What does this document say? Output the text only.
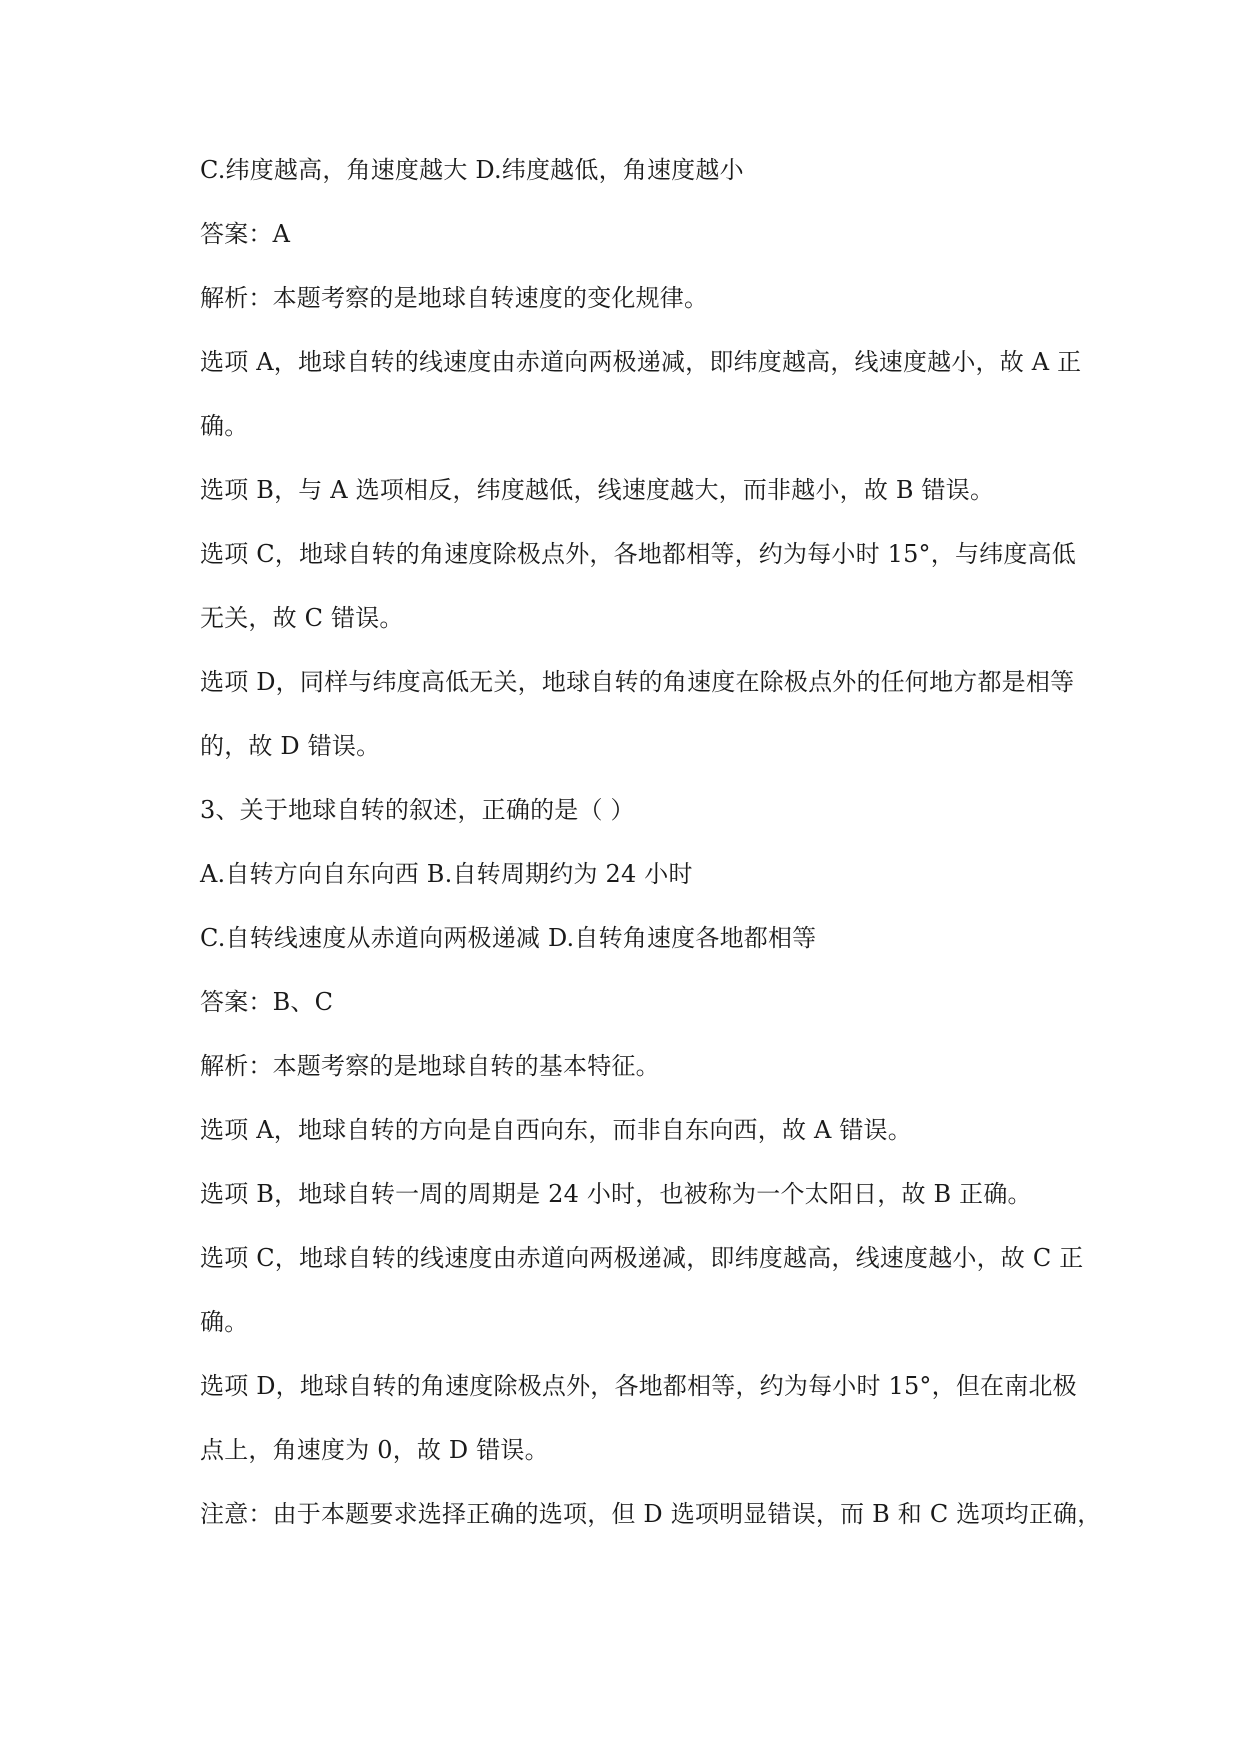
C.纬度越高，角速度越大 D.纬度越低，角速度越小

答案：A

解析：本题考察的是地球自转速度的变化规律。

选项 A，地球自转的线速度由赤道向两极递减，即纬度越高，线速度越小，故 A 正

确。

选项 B，与 A 选项相反，纬度越低，线速度越大，而非越小，故 B 错误。

选项 C，地球自转的角速度除极点外，各地都相等，约为每小时 15°，与纬度高低

无关，故 C 错误。

选项 D，同样与纬度高低无关，地球自转的角速度在除极点外的任何地方都是相等

的，故 D 错误。

3、关于地球自转的叙述，正确的是（ ）

A.自转方向自东向西 B.自转周期约为 24 小时

C.自转线速度从赤道向两极递减 D.自转角速度各地都相等

答案：B、C

解析：本题考察的是地球自转的基本特征。

选项 A，地球自转的方向是自西向东，而非自东向西，故 A 错误。

选项 B，地球自转一周的周期是 24 小时，也被称为一个太阳日，故 B 正确。

选项 C，地球自转的线速度由赤道向两极递减，即纬度越高，线速度越小，故 C 正

确。

选项 D，地球自转的角速度除极点外，各地都相等，约为每小时 15°，但在南北极

点上，角速度为 0，故 D 错误。

注意：由于本题要求选择正确的选项，但 D 选项明显错误，而 B 和 C 选项均正确，
